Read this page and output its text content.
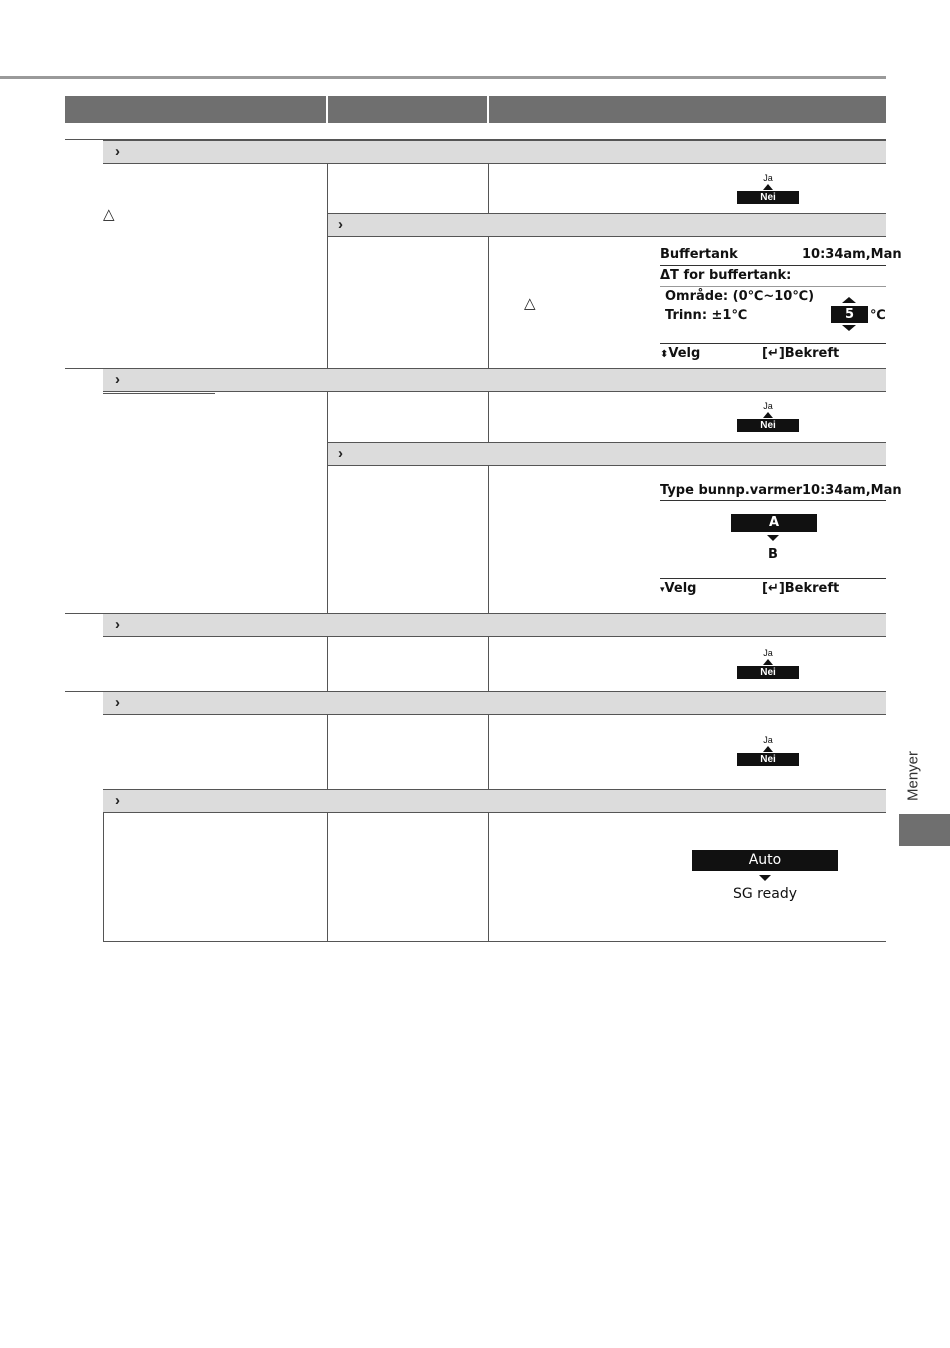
›
△
Ja
Nei
›
△
Buffertank	10:34am,Man
ΔT for buffertank:
Område: (0℃~10℃)
Trinn: ±1℃	5	℃
⬍Velg	[↵]Bekreft
›
Ja
Nei
›
Type bunnp.varmer 10:34am,Man
A
B
▾Velg	[↵]Bekreft
›
Ja
Nei
›
Ja
Nei
›
Auto
SG ready
Menyer
